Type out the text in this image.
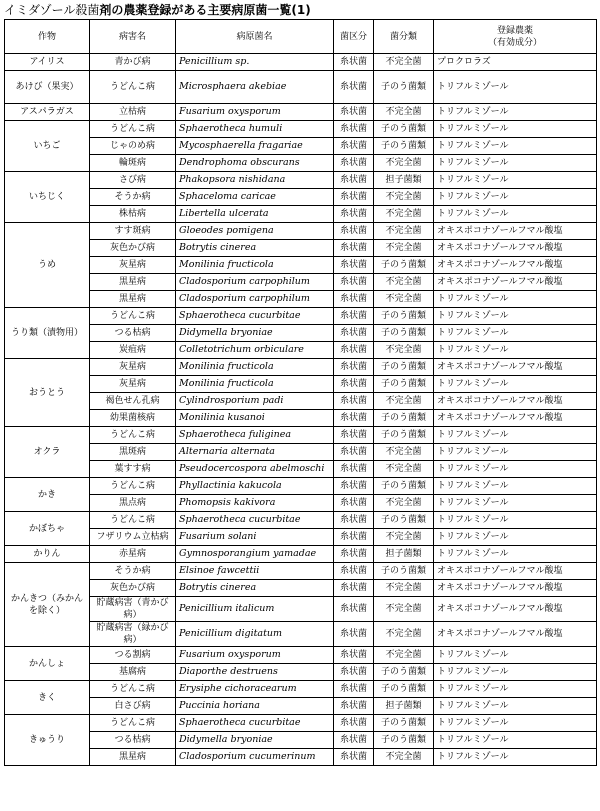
イミダゾール殺菌剤の農薬登録がある主要病原菌一覧(1)
作物	病害名	病原菌名	菌区分	菌分類	登録農薬
（有効成分）
アイリス	青かび病	Penicillium sp.	糸状菌	不完全菌	プロクロラズ
あけび（果実）	うどんこ病	Microsphaera akebiae	糸状菌	子のう菌類	トリフルミゾール
アスパラガス	立枯病	Fusarium oxysporum	糸状菌	不完全菌	トリフルミゾール
いちご	うどんこ病	Sphaerotheca humuli	糸状菌	子のう菌類	トリフルミゾール
	じゃのめ病	Mycosphaerella fragariae	糸状菌	子のう菌類	トリフルミゾール
	輪斑病	Dendrophoma obscurans	糸状菌	不完全菌	トリフルミゾール
いちじく	さび病	Phakopsora nishidana	糸状菌	担子菌類	トリフルミゾール
	そうか病	Sphaceloma caricae	糸状菌	不完全菌	トリフルミゾール
	株枯病	Libertella ulcerata	糸状菌	不完全菌	トリフルミゾール
うめ	すす斑病	Gloeodes pomigena	糸状菌	不完全菌	オキスポコナゾールフマル酸塩
	灰色かび病	Botrytis cinerea	糸状菌	不完全菌	オキスポコナゾールフマル酸塩
	灰星病	Monilinia fructicola	糸状菌	子のう菌類	オキスポコナゾールフマル酸塩
	黒星病	Cladosporium carpophilum	糸状菌	不完全菌	オキスポコナゾールフマル酸塩
	黒星病	Cladosporium carpophilum	糸状菌	不完全菌	トリフルミゾール
うり類（漬物用）	うどんこ病	Sphaerotheca cucurbitae	糸状菌	子のう菌類	トリフルミゾール
	つる枯病	Didymella bryoniae	糸状菌	子のう菌類	トリフルミゾール
	炭疽病	Colletotrichum orbiculare	糸状菌	不完全菌	トリフルミゾール
おうとう	灰星病	Monilinia fructicola	糸状菌	子のう菌類	オキスポコナゾールフマル酸塩
	灰星病	Monilinia fructicola	糸状菌	子のう菌類	トリフルミゾール
	褐色せん孔病	Cylindrosporium padi	糸状菌	不完全菌	オキスポコナゾールフマル酸塩
	幼果菌核病	Monilinia kusanoi	糸状菌	子のう菌類	オキスポコナゾールフマル酸塩
オクラ	うどんこ病	Sphaerotheca fuliginea	糸状菌	子のう菌類	トリフルミゾール
	黒斑病	Alternaria alternata	糸状菌	不完全菌	トリフルミゾール
	葉すす病	Pseudocercospora abelmoschi	糸状菌	不完全菌	トリフルミゾール
かき	うどんこ病	Phyllactinia kakucola	糸状菌	子のう菌類	トリフルミゾール
	黒点病	Phomopsis kakivora	糸状菌	不完全菌	トリフルミゾール
かぼちゃ	うどんこ病	Sphaerotheca cucurbitae	糸状菌	子のう菌類	トリフルミゾール
	フザリウム立枯病	Fusarium solani	糸状菌	不完全菌	トリフルミゾール
かりん	赤星病	Gymnosporangium yamadae	糸状菌	担子菌類	トリフルミゾール
かんきつ（みかんを除く）	そうか病	Elsinoe fawcettii	糸状菌	子のう菌類	オキスポコナゾールフマル酸塩
	灰色かび病	Botrytis cinerea	糸状菌	不完全菌	オキスポコナゾールフマル酸塩
	貯蔵病害（青かび病）	Penicillium italicum	糸状菌	不完全菌	オキスポコナゾールフマル酸塩
	貯蔵病害（緑かび病）	Penicillium digitatum	糸状菌	不完全菌	オキスポコナゾールフマル酸塩
かんしょ	つる割病	Fusarium oxysporum	糸状菌	不完全菌	トリフルミゾール
	基腐病	Diaporthe destruens	糸状菌	子のう菌類	トリフルミゾール
きく	うどんこ病	Erysiphe cichoracearum	糸状菌	子のう菌類	トリフルミゾール
	白さび病	Puccinia horiana	糸状菌	担子菌類	トリフルミゾール
きゅうり	うどんこ病	Sphaerotheca cucurbitae	糸状菌	子のう菌類	トリフルミゾール
	つる枯病	Didymella bryoniae	糸状菌	子のう菌類	トリフルミゾール
	黒星病	Cladosporium cucumerinum	糸状菌	不完全菌	トリフルミゾール
